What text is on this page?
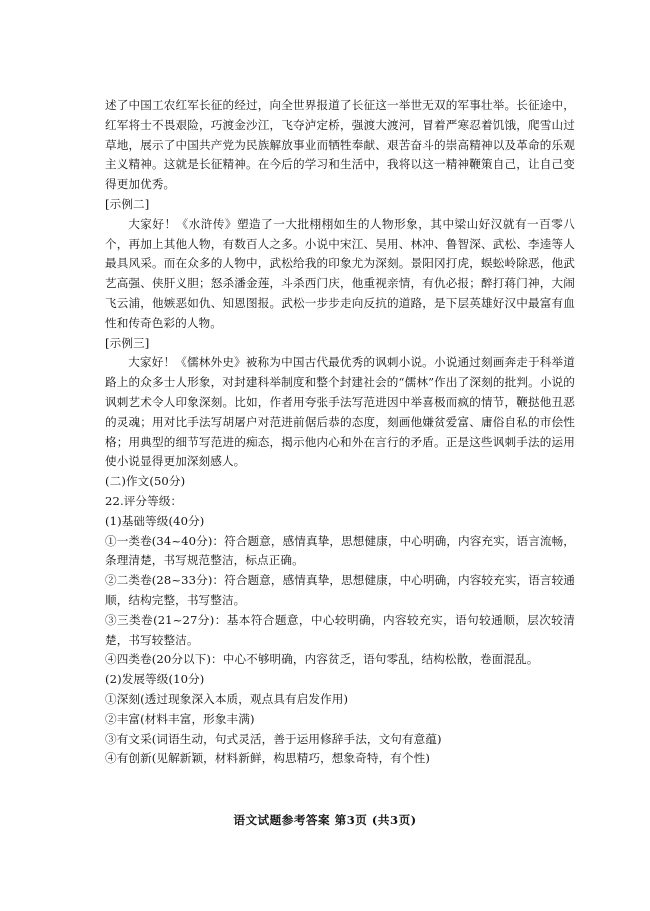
述了中国工农红军长征的经过，向全世界报道了长征这一举世无双的军事壮举。长征途中，红军将士不畏艰险，巧渡金沙江，飞夺泸定桥，强渡大渡河，冒着严寒忍着饥饿，爬雪山过草地，展示了中国共产党为民族解放事业而牺牲奉献、艰苦奋斗的崇高精神以及革命的乐观主义精神。这就是长征精神。在今后的学习和生活中，我将以这一精神鞭策自己，让自己变得更加优秀。

[示例二]

大家好！《水浒传》塑造了一大批栩栩如生的人物形象，其中梁山好汉就有一百零八个，再加上其他人物，有数百人之多。小说中宋江、吴用、林冲、鲁智深、武松、李逵等人最具风采。而在众多的人物中，武松给我的印象尤为深刻。景阳冈打虎，蜈蚣岭除恶，他武艺高强、侠肝义胆；怒杀潘金莲，斗杀西门庆，他重视亲情，有仇必报；醉打蒋门神，大闹飞云浦，他嫉恶如仇、知恩图报。武松一步步走向反抗的道路，是下层英雄好汉中最富有血性和传奇色彩的人物。

[示例三]

大家好！《儒林外史》被称为中国古代最优秀的讽刺小说。小说通过刻画奔走于科举道路上的众多士人形象，对封建科举制度和整个封建社会的“儒林”作出了深刻的批判。小说的讽刺艺术令人印象深刻。比如，作者用夸张手法写范进因中举喜极而疯的情节，鞭挞他丑恶的灵魂；用对比手法写胡屠户对范进前倨后恭的态度，刻画他嫌贫爱富、庸俗自私的市侩性格；用典型的细节写范进的痴态，揭示他内心和外在言行的矛盾。正是这些讽刺手法的运用使小说显得更加深刻感人。

(二)作文(50分)

22.评分等级：

(1)基础等级(40分)

①一类卷(34~40分)：符合题意，感情真挚，思想健康，中心明确，内容充实，语言流畅，条理清楚，书写规范整洁，标点正确。

②二类卷(28~33分)：符合题意，感情真挚，思想健康，中心明确，内容较充实，语言较通顺，结构完整，书写整洁。

③三类卷(21~27分)：基本符合题意，中心较明确，内容较充实，语句较通顺，层次较清楚，书写较整洁。

④四类卷(20分以下)：中心不够明确，内容贫乏，语句零乱，结构松散，卷面混乱。

(2)发展等级(10分)

①深刻(透过现象深入本质，观点具有启发作用)

②丰富(材料丰富，形象丰满)

③有文采(词语生动，句式灵活，善于运用修辞手法，文句有意蕴)

④有创新(见解新颖，材料新鲜，构思精巧，想象奇特，有个性)

语文试题参考答案 第3页 (共3页)
